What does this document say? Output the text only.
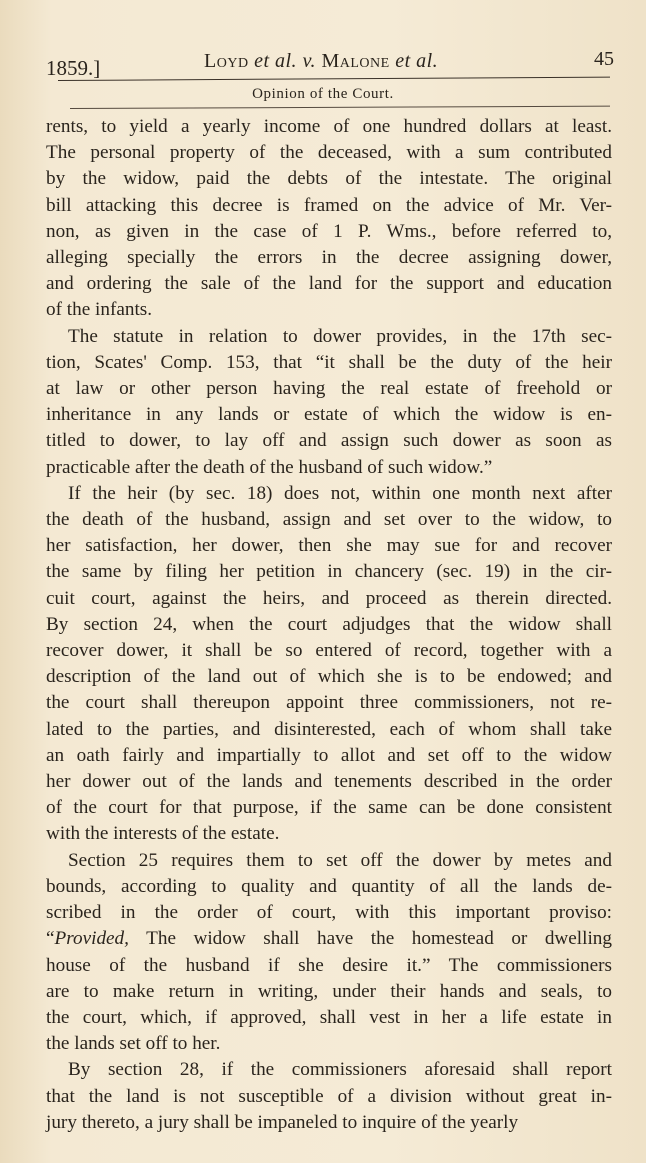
1859.]	Loyd et al. v. Malone et al.	45
Opinion of the Court.
rents, to yield a yearly income of one hundred dollars at least.
The personal property of the deceased, with a sum contributed
by the widow, paid the debts of the intestate. The original
bill attacking this decree is framed on the advice of Mr. Ver-
non, as given in the case of 1 P. Wms., before referred to,
alleging specially the errors in the decree assigning dower,
and ordering the sale of the land for the support and education
of the infants.
The statute in relation to dower provides, in the 17th sec-
tion, Scates' Comp. 153, that “it shall be the duty of the heir
at law or other person having the real estate of freehold or
inheritance in any lands or estate of which the widow is en-
titled to dower, to lay off and assign such dower as soon as
practicable after the death of the husband of such widow.”
If the heir (by sec. 18) does not, within one month next after
the death of the husband, assign and set over to the widow, to
her satisfaction, her dower, then she may sue for and recover
the same by filing her petition in chancery (sec. 19) in the cir-
cuit court, against the heirs, and proceed as therein directed.
By section 24, when the court adjudges that the widow shall
recover dower, it shall be so entered of record, together with a
description of the land out of which she is to be endowed; and
the court shall thereupon appoint three commissioners, not re-
lated to the parties, and disinterested, each of whom shall take
an oath fairly and impartially to allot and set off to the widow
her dower out of the lands and tenements described in the order
of the court for that purpose, if the same can be done consistent
with the interests of the estate.
Section 25 requires them to set off the dower by metes and
bounds, according to quality and quantity of all the lands de-
scribed in the order of court, with this important proviso:
“Provided, The widow shall have the homestead or dwelling
house of the husband if she desire it.” The commissioners
are to make return in writing, under their hands and seals, to
the court, which, if approved, shall vest in her a life estate in
the lands set off to her.
By section 28, if the commissioners aforesaid shall report
that the land is not susceptible of a division without great in-
jury thereto, a jury shall be impaneled to inquire of the yearly
